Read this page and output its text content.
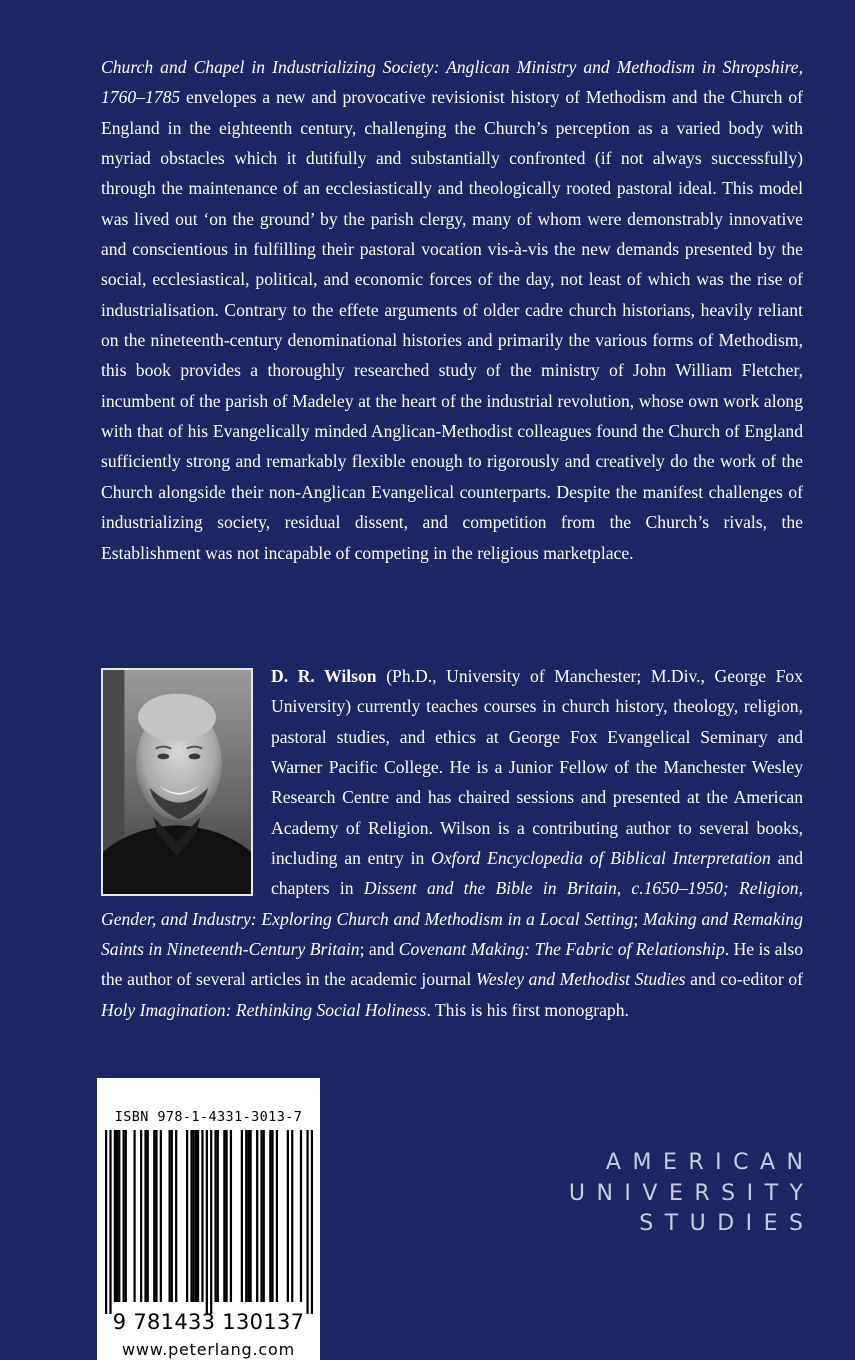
Church and Chapel in Industrializing Society: Anglican Ministry and Methodism in Shropshire, 1760–1785 envelopes a new and provocative revisionist history of Methodism and the Church of England in the eighteenth century, challenging the Church’s perception as a varied body with myriad obstacles which it dutifully and substantially confronted (if not always successfully) through the maintenance of an ecclesiastically and theologically rooted pastoral ideal. This model was lived out ‘on the ground’ by the parish clergy, many of whom were demonstrably innovative and conscientious in fulfilling their pastoral vocation vis-à-vis the new demands presented by the social, ecclesiastical, political, and economic forces of the day, not least of which was the rise of industrialisation. Contrary to the effete arguments of older cadre church historians, heavily reliant on the nineteenth-century denominational histories and primarily the various forms of Methodism, this book provides a thoroughly researched study of the ministry of John William Fletcher, incumbent of the parish of Madeley at the heart of the industrial revolution, whose own work along with that of his Evangelically minded Anglican-Methodist colleagues found the Church of England sufficiently strong and remarkably flexible enough to rigorously and creatively do the work of the Church alongside their non-Anglican Evangelical counterparts. Despite the manifest challenges of industrializing society, residual dissent, and competition from the Church’s rivals, the Establishment was not incapable of competing in the religious marketplace.

D. R. Wilson (Ph.D., University of Manchester; M.Div., George Fox University) currently teaches courses in church history, theology, religion, pastoral studies, and ethics at George Fox Evangelical Seminary and Warner Pacific College. He is a Junior Fellow of the Manchester Wesley Research Centre and has chaired sessions and presented at the American Academy of Religion. Wilson is a contributing author to several books, including an entry in Oxford Encyclopedia of Biblical Interpretation and chapters in Dissent and the Bible in Britain, c.1650–1950; Religion, Gender, and Industry: Exploring Church and Methodism in a Local Setting; Making and Remaking Saints in Nineteenth-Century Britain; and Covenant Making: The Fabric of Relationship. He is also the author of several articles in the academic journal Wesley and Methodist Studies and co-editor of Holy Imagination: Rethinking Social Holiness. This is his first monograph.
ISBN 978-1-4331-3013-7
9 781433 130137
www.peterlang.com
AMERICAN
UNIVERSITY
STUDIES
